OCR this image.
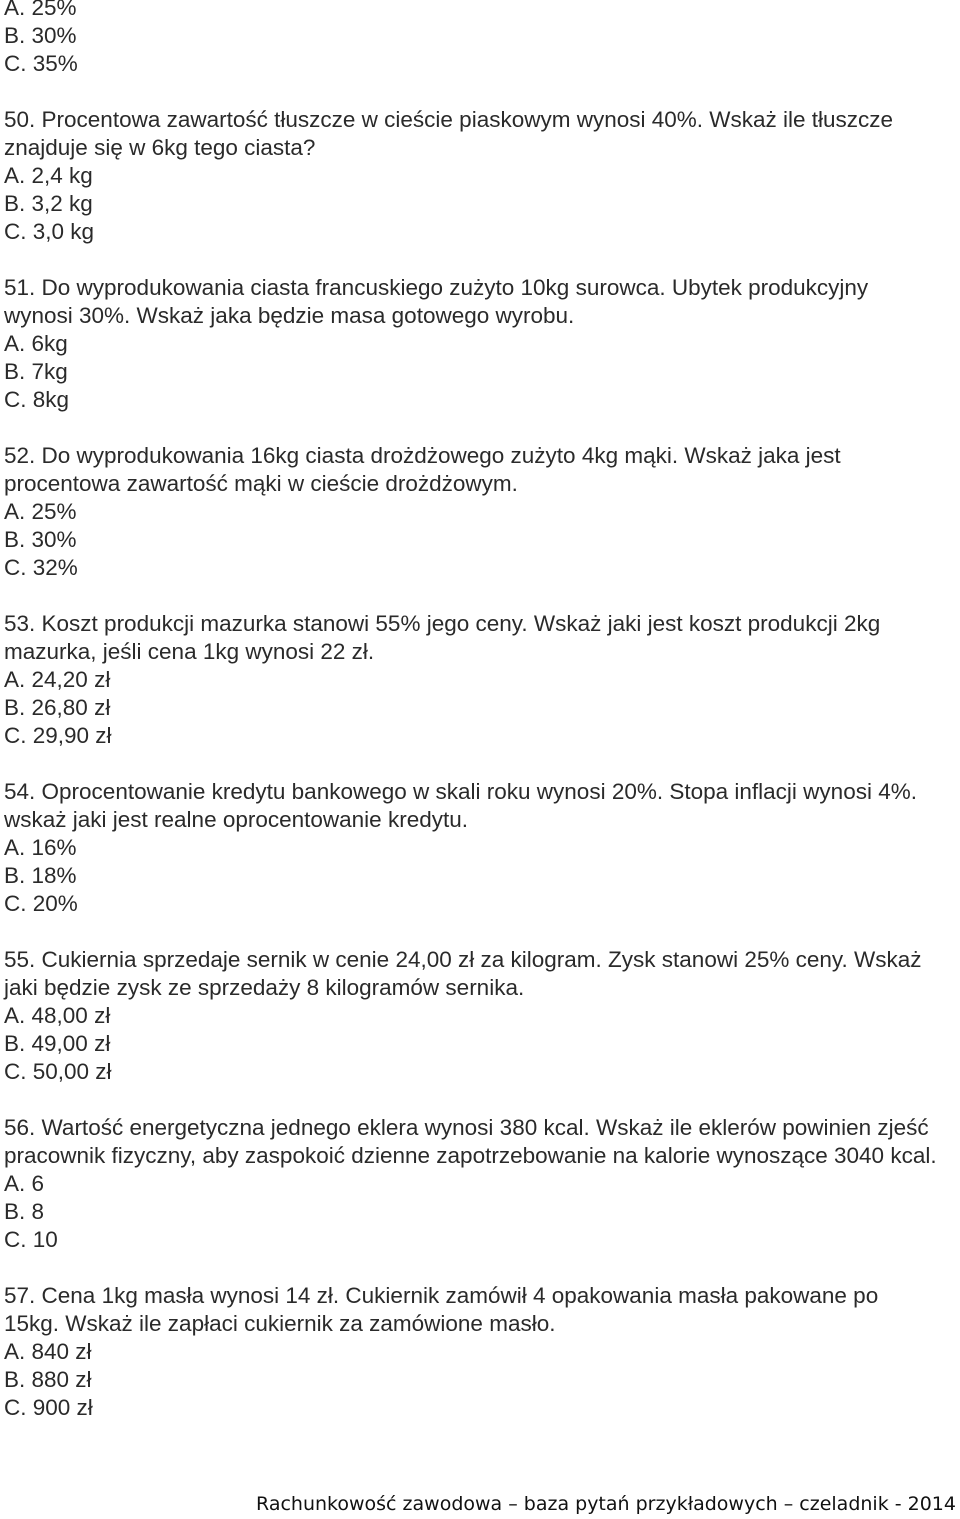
A. 25%
B. 30%
C. 35%
50. Procentowa zawartość tłuszcze w cieście piaskowym wynosi 40%. Wskaż ile tłuszcze
znajduje się w 6kg tego ciasta?
A. 2,4 kg
B. 3,2 kg
C. 3,0 kg
51. Do wyprodukowania ciasta francuskiego zużyto 10kg surowca. Ubytek produkcyjny
wynosi 30%. Wskaż jaka będzie masa gotowego wyrobu.
A. 6kg
B. 7kg
C. 8kg
52. Do wyprodukowania 16kg ciasta drożdżowego zużyto 4kg mąki. Wskaż jaka jest
procentowa zawartość mąki w cieście drożdżowym.
A. 25%
B. 30%
C. 32%
53. Koszt produkcji mazurka stanowi 55% jego ceny. Wskaż jaki jest koszt produkcji 2kg
mazurka, jeśli cena 1kg wynosi 22 zł.
A. 24,20 zł
B. 26,80 zł
C. 29,90 zł
54. Oprocentowanie kredytu bankowego w skali roku wynosi 20%. Stopa inflacji wynosi 4%.
wskaż jaki jest realne oprocentowanie kredytu.
A. 16%
B. 18%
C. 20%
55. Cukiernia sprzedaje sernik w cenie 24,00 zł za kilogram. Zysk stanowi 25% ceny. Wskaż
jaki będzie zysk ze sprzedaży 8 kilogramów sernika.
A. 48,00 zł
B. 49,00 zł
C. 50,00 zł
56. Wartość energetyczna jednego eklera wynosi 380 kcal. Wskaż ile eklerów powinien zjeść
pracownik fizyczny, aby zaspokoić dzienne zapotrzebowanie na kalorie wynoszące 3040 kcal.
A. 6
B. 8
C. 10
57. Cena 1kg masła wynosi 14 zł. Cukiernik zamówił 4 opakowania masła pakowane po
15kg. Wskaż ile zapłaci cukiernik za zamówione masło.
A. 840 zł
B. 880 zł
C. 900 zł
Rachunkowość zawodowa – baza pytań przykładowych – czeladnik - 2014
